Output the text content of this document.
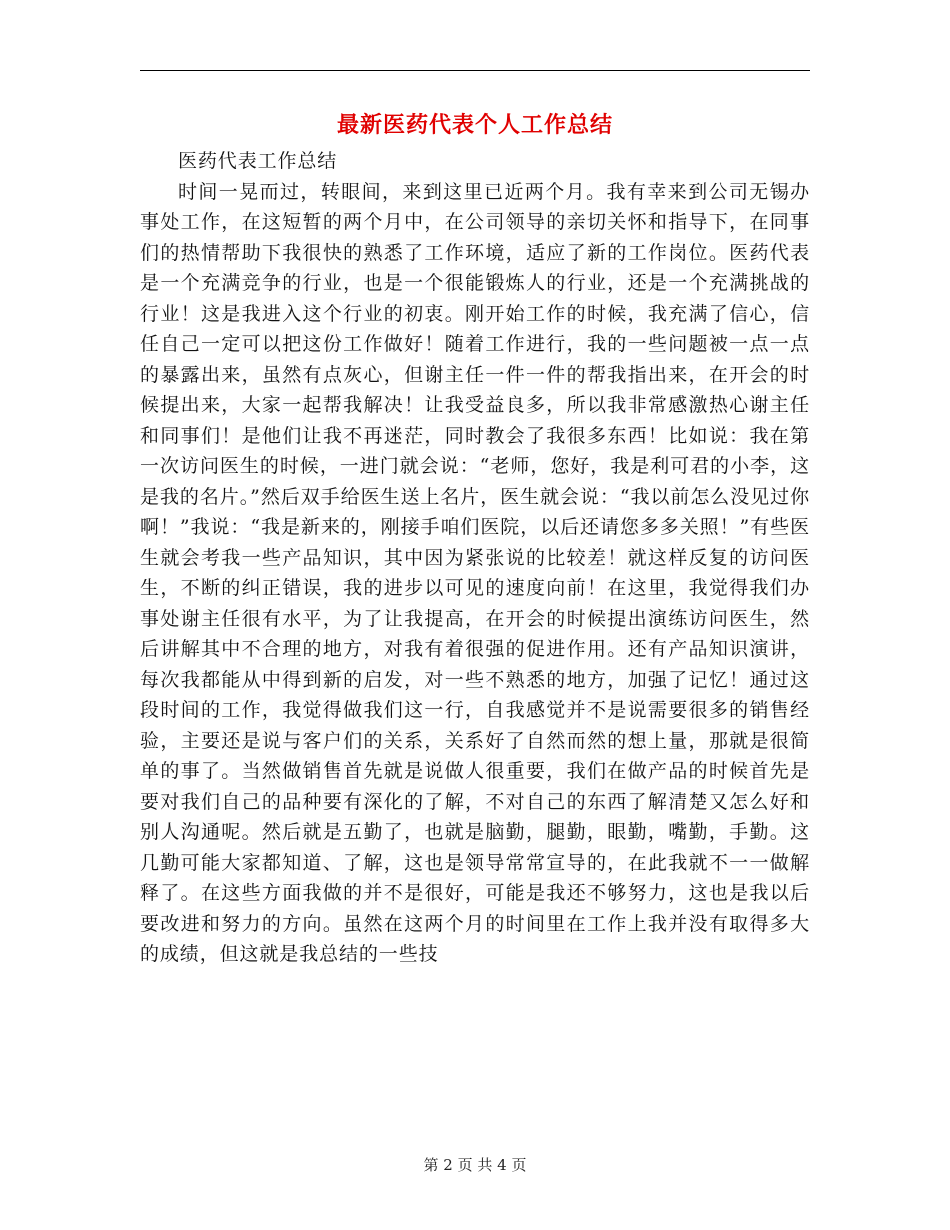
最新医药代表个人工作总结

医药代表工作总结

时间一晃而过，转眼间，来到这里已近两个月。我有幸来到公司无锡办事处工作，在这短暂的两个月中，在公司领导的亲切关怀和指导下，在同事们的热情帮助下我很快的熟悉了工作环境，适应了新的工作岗位。医药代表是一个充满竞争的行业，也是一个很能锻炼人的行业，还是一个充满挑战的行业！这是我进入这个行业的初衷。刚开始工作的时候，我充满了信心，信任自己一定可以把这份工作做好！随着工作进行，我的一些问题被一点一点的暴露出来，虽然有点灰心，但谢主任一件一件的帮我指出来，在开会的时候提出来，大家一起帮我解决！让我受益良多，所以我非常感激热心谢主任和同事们！是他们让我不再迷茫，同时教会了我很多东西！比如说：我在第一次访问医生的时候，一进门就会说：“老师，您好，我是利可君的小李，这是我的名片。”然后双手给医生送上名片，医生就会说：“我以前怎么没见过你啊！”我说：“我是新来的，刚接手咱们医院，以后还请您多多关照！”有些医生就会考我一些产品知识，其中因为紧张说的比较差！就这样反复的访问医生，不断的纠正错误，我的进步以可见的速度向前！在这里，我觉得我们办事处谢主任很有水平，为了让我提高，在开会的时候提出演练访问医生，然后讲解其中不合理的地方，对我有着很强的促进作用。还有产品知识演讲，每次我都能从中得到新的启发，对一些不熟悉的地方，加强了记忆！通过这段时间的工作，我觉得做我们这一行，自我感觉并不是说需要很多的销售经验，主要还是说与客户们的关系，关系好了自然而然的想上量，那就是很简单的事了。当然做销售首先就是说做人很重要，我们在做产品的时候首先是要对我们自己的品种要有深化的了解，不对自己的东西了解清楚又怎么好和别人沟通呢。然后就是五勤了，也就是脑勤，腿勤，眼勤，嘴勤，手勤。这几勤可能大家都知道、了解，这也是领导常常宣导的，在此我就不一一做解释了。在这些方面我做的并不是很好，可能是我还不够努力，这也是我以后要改进和努力的方向。虽然在这两个月的时间里在工作上我并没有取得多大的成绩，但这就是我总结的一些技

第 2 页 共 4 页
